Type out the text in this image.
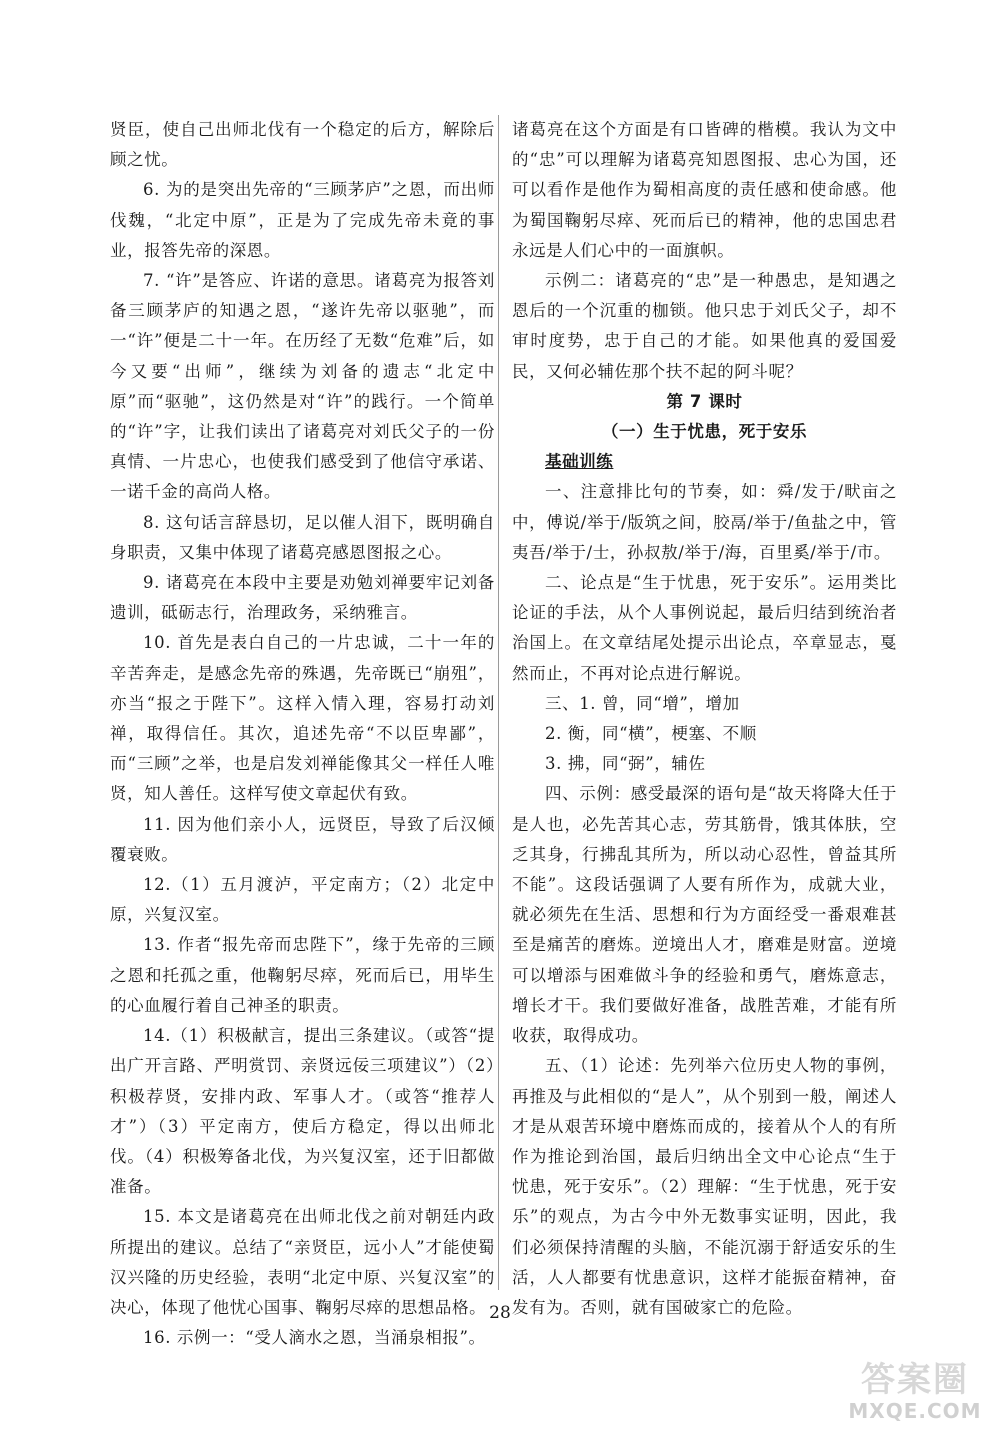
贤臣，使自己出师北伐有一个稳定的后方，解除后顾之忧。

6. 为的是突出先帝的“三顾茅庐”之恩，而出师伐魏，“北定中原”，正是为了完成先帝未竟的事业，报答先帝的深恩。

7. “许”是答应、许诺的意思。诸葛亮为报答刘备三顾茅庐的知遇之恩，“遂许先帝以驱驰”，而一“许”便是二十一年。在历经了无数“危难”后，如今又要“出师”，继续为刘备的遗志“北定中原”而“驱驰”，这仍然是对“许”的践行。一个简单的“许”字，让我们读出了诸葛亮对刘氏父子的一份真情、一片忠心，也使我们感受到了他信守承诺、一诺千金的高尚人格。

8. 这句话言辞恳切，足以催人泪下，既明确自身职责，又集中体现了诸葛亮感恩图报之心。

9. 诸葛亮在本段中主要是劝勉刘禅要牢记刘备遗训，砥砺志行，治理政务，采纳雅言。

10. 首先是表白自己的一片忠诚，二十一年的辛苦奔走，是感念先帝的殊遇，先帝既已“崩殂”，亦当“报之于陛下”。这样入情入理，容易打动刘禅，取得信任。其次，追述先帝“不以臣卑鄙”，而“三顾”之举，也是启发刘禅能像其父一样任人唯贤，知人善任。这样写使文章起伏有致。

11. 因为他们亲小人，远贤臣，导致了后汉倾覆衰败。

12.（1）五月渡泸，平定南方；（2）北定中原，兴复汉室。

13. 作者“报先帝而忠陛下”，缘于先帝的三顾之恩和托孤之重，他鞠躬尽瘁，死而后已，用毕生的心血履行着自己神圣的职责。

14.（1）积极献言，提出三条建议。（或答“提出广开言路、严明赏罚、亲贤远佞三项建议”）（2）积极荐贤，安排内政、军事人才。（或答“推荐人才”）（3）平定南方，使后方稳定，得以出师北伐。（4）积极筹备北伐，为兴复汉室，还于旧都做准备。

15. 本文是诸葛亮在出师北伐之前对朝廷内政所提出的建议。总结了“亲贤臣，远小人”才能使蜀汉兴隆的历史经验，表明“北定中原、兴复汉室”的决心，体现了他忧心国事、鞠躬尽瘁的思想品格。

16. 示例一：“受人滴水之恩，当涌泉相报”。

诸葛亮在这个方面是有口皆碑的楷模。我认为文中的“忠”可以理解为诸葛亮知恩图报、忠心为国，还可以看作是他作为蜀相高度的责任感和使命感。他为蜀国鞠躬尽瘁、死而后已的精神，他的忠国忠君永远是人们心中的一面旗帜。

示例二：诸葛亮的“忠”是一种愚忠，是知遇之恩后的一个沉重的枷锁。他只忠于刘氏父子，却不审时度势，忠于自己的才能。如果他真的爱国爱民，又何必辅佐那个扶不起的阿斗呢？

第 7 课时
（一）生于忧患，死于安乐
基础训练

一、注意排比句的节奏，如：舜/发于/畎亩之中，傅说/举于/版筑之间，胶鬲/举于/鱼盐之中，管夷吾/举于/士，孙叔敖/举于/海，百里奚/举于/市。

二、论点是“生于忧患，死于安乐”。运用类比论证的手法，从个人事例说起，最后归结到统治者治国上。在文章结尾处提示出论点，卒章显志，戛然而止，不再对论点进行解说。

三、1. 曾，同“增”，增加

2. 衡，同“横”，梗塞、不顺

3. 拂，同“弼”，辅佐

四、示例：感受最深的语句是“故天将降大任于是人也，必先苦其心志，劳其筋骨，饿其体肤，空乏其身，行拂乱其所为，所以动心忍性，曾益其所不能”。这段话强调了人要有所作为，成就大业，就必须先在生活、思想和行为方面经受一番艰难甚至是痛苦的磨炼。逆境出人才，磨难是财富。逆境可以增添与困难做斗争的经验和勇气，磨炼意志，增长才干。我们要做好准备，战胜苦难，才能有所收获，取得成功。

五、（1）论述：先列举六位历史人物的事例，再推及与此相似的“是人”，从个别到一般，阐述人才是从艰苦环境中磨炼而成的，接着从个人的有所作为推论到治国，最后归纳出全文中心论点“生于忧患，死于安乐”。（2）理解：“生于忧患，死于安乐”的观点，为古今中外无数事实证明，因此，我们必须保持清醒的头脑，不能沉溺于舒适安乐的生活，人人都要有忧患意识，这样才能振奋精神，奋发有为。否则，就有国破家亡的危险。

28
答案圈
MXQE.COM
